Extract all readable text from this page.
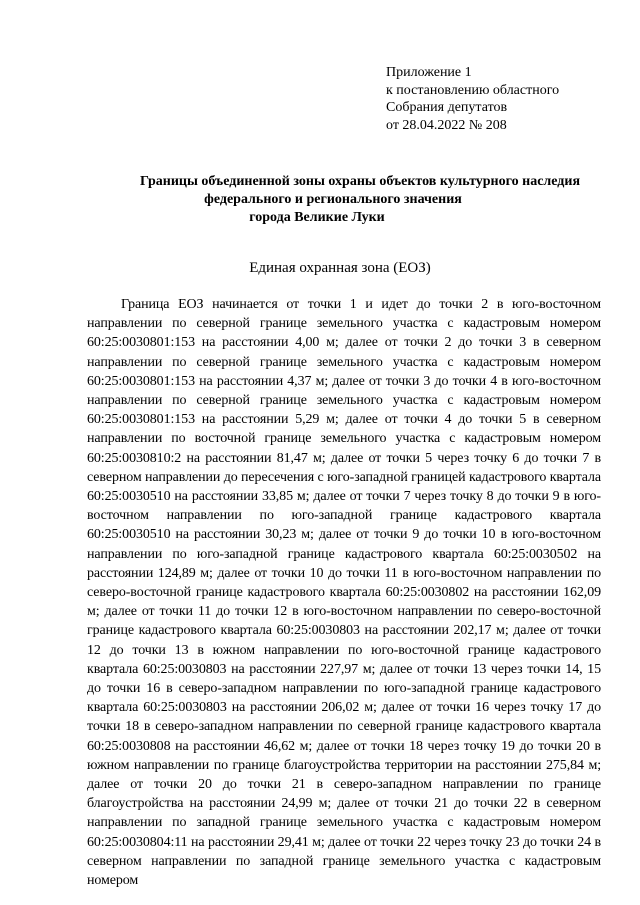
Приложение 1
к постановлению областного
Собрания депутатов
от 28.04.2022 № 208
Границы объединенной зоны охраны объектов культурного наследия
федерального и регионального значения
города Великие Луки
Единая охранная зона (ЕОЗ)

Граница ЕОЗ начинается от точки 1 и идет до точки 2 в юго-восточном направлении по северной границе земельного участка с кадастровым номером 60:25:0030801:153 на расстоянии 4,00 м; далее от точки 2 до точки 3 в северном направлении по северной границе земельного участка с кадастровым номером 60:25:0030801:153 на расстоянии 4,37 м; далее от точки 3 до точки 4 в юго-восточном направлении по северной границе земельного участка с кадастровым номером 60:25:0030801:153 на расстоянии 5,29 м; далее от точки 4 до точки 5 в северном направлении по восточной границе земельного участка с кадастровым номером 60:25:0030810:2 на расстоянии 81,47 м; далее от точки 5 через точку 6 до точки 7 в северном направлении до пересечения с юго-западной границей кадастрового квартала 60:25:0030510 на расстоянии 33,85 м; далее от точки 7 через точку 8 до точки 9 в юго-восточном направлении по юго-западной границе кадастрового квартала 60:25:0030510 на расстоянии 30,23 м; далее от точки 9 до точки 10 в юго-восточном направлении по юго-западной границе кадастрового квартала 60:25:0030502 на расстоянии 124,89 м; далее от точки 10 до точки 11 в юго-восточном направлении по северо-восточной границе кадастрового квартала 60:25:0030802 на расстоянии 162,09 м; далее от точки 11 до точки 12 в юго-восточном направлении по северо-восточной границе кадастрового квартала 60:25:0030803 на расстоянии 202,17 м; далее от точки 12 до точки 13 в южном направлении по юго-восточной границе кадастрового квартала 60:25:0030803 на расстоянии 227,97 м; далее от точки 13 через точки 14, 15 до точки 16 в северо-западном направлении по юго-западной границе кадастрового квартала 60:25:0030803 на расстоянии 206,02 м; далее от точки 16 через точку 17 до точки 18 в северо-западном направлении по северной границе кадастрового квартала 60:25:0030808 на расстоянии 46,62 м; далее от точки 18 через точку 19 до точки 20 в южном направлении по границе благоустройства территории на расстоянии 275,84 м; далее от точки 20 до точки 21 в северо-западном направлении по границе благоустройства на расстоянии 24,99 м; далее от точки 21 до точки 22 в северном направлении по западной границе земельного участка с кадастровым номером 60:25:0030804:11 на расстоянии 29,41 м; далее от точки 22 через точку 23 до точки 24 в северном направлении по западной границе земельного участка с кадастровым номером
